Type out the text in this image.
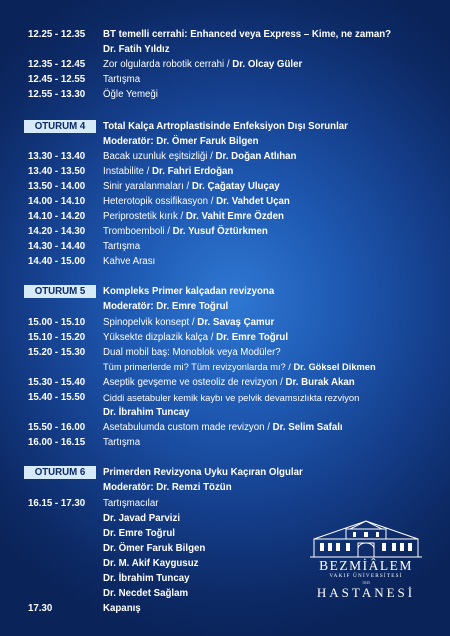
12.25 - 12.35	BT temelli cerrahi: Enhanced veya Express – Kime, ne zaman?
Dr. Fatih Yıldız
12.35 - 12.45	Zor olgularda robotik cerrahi / Dr. Olcay Güler
12.45 - 12.55	Tartışma
12.55 - 13.30	Öğle Yemeği
OTURUM 4	Total Kalça Artroplastisinde Enfeksiyon Dışı Sorunlar
Moderatör: Dr. Ömer Faruk Bilgen
13.30 - 13.40	Bacak uzunluk eşitsizliği / Dr. Doğan Atlıhan
13.40 - 13.50	Instabilite / Dr. Fahri Erdoğan
13.50 - 14.00	Sinir yaralanmaları / Dr. Çağatay Uluçay
14.00 - 14.10	Heterotopik ossifikasyon / Dr. Vahdet Uçan
14.10 - 14.20	Periprostetik kırık / Dr. Vahit Emre Özden
14.20 - 14.30	Tromboemboli / Dr. Yusuf Öztürkmen
14.30 - 14.40	Tartışma
14.40 - 15.00	Kahve Arası
OTURUM 5	Kompleks Primer kalçadan revizyona
Moderatör: Dr. Emre Toğrul
15.00 - 15.10	Spinopelvik konsept / Dr. Savaş Çamur
15.10 - 15.20	Yüksekte dizplazik kalça / Dr. Emre Toğrul
15.20 - 15.30	Dual mobil baş: Monoblok veya Modüler?
Tüm primerlerde mi? Tüm revizyonlarda mı? / Dr. Göksel Dikmen
15.30 - 15.40	Aseptik gevşeme ve osteoliz de revizyon / Dr. Burak Akan
15.40 - 15.50	Ciddi asetabuler kemik kaybı ve pelvik devamsızlıkta rezviyon
Dr. İbrahim Tuncay
15.50 - 16.00	Asetabulumda custom made revizyon / Dr. Selim Safalı
16.00 - 16.15	Tartışma
OTURUM 6	Primerden Revizyona Uyku Kaçıran Olgular
Moderatör: Dr. Remzi Tözün
16.15 - 17.30	Tartışmacılar
Dr. Javad Parvizi
Dr. Emre Toğrul
Dr. Ömer Faruk Bilgen
Dr. M. Akif Kaygusuz
Dr. İbrahim Tuncay
Dr. Necdet Sağlam
17.30	Kapanış
BEZMİÂLEM
VAKIF ÜNİVERSİTESİ
1845
HASTANESİ
